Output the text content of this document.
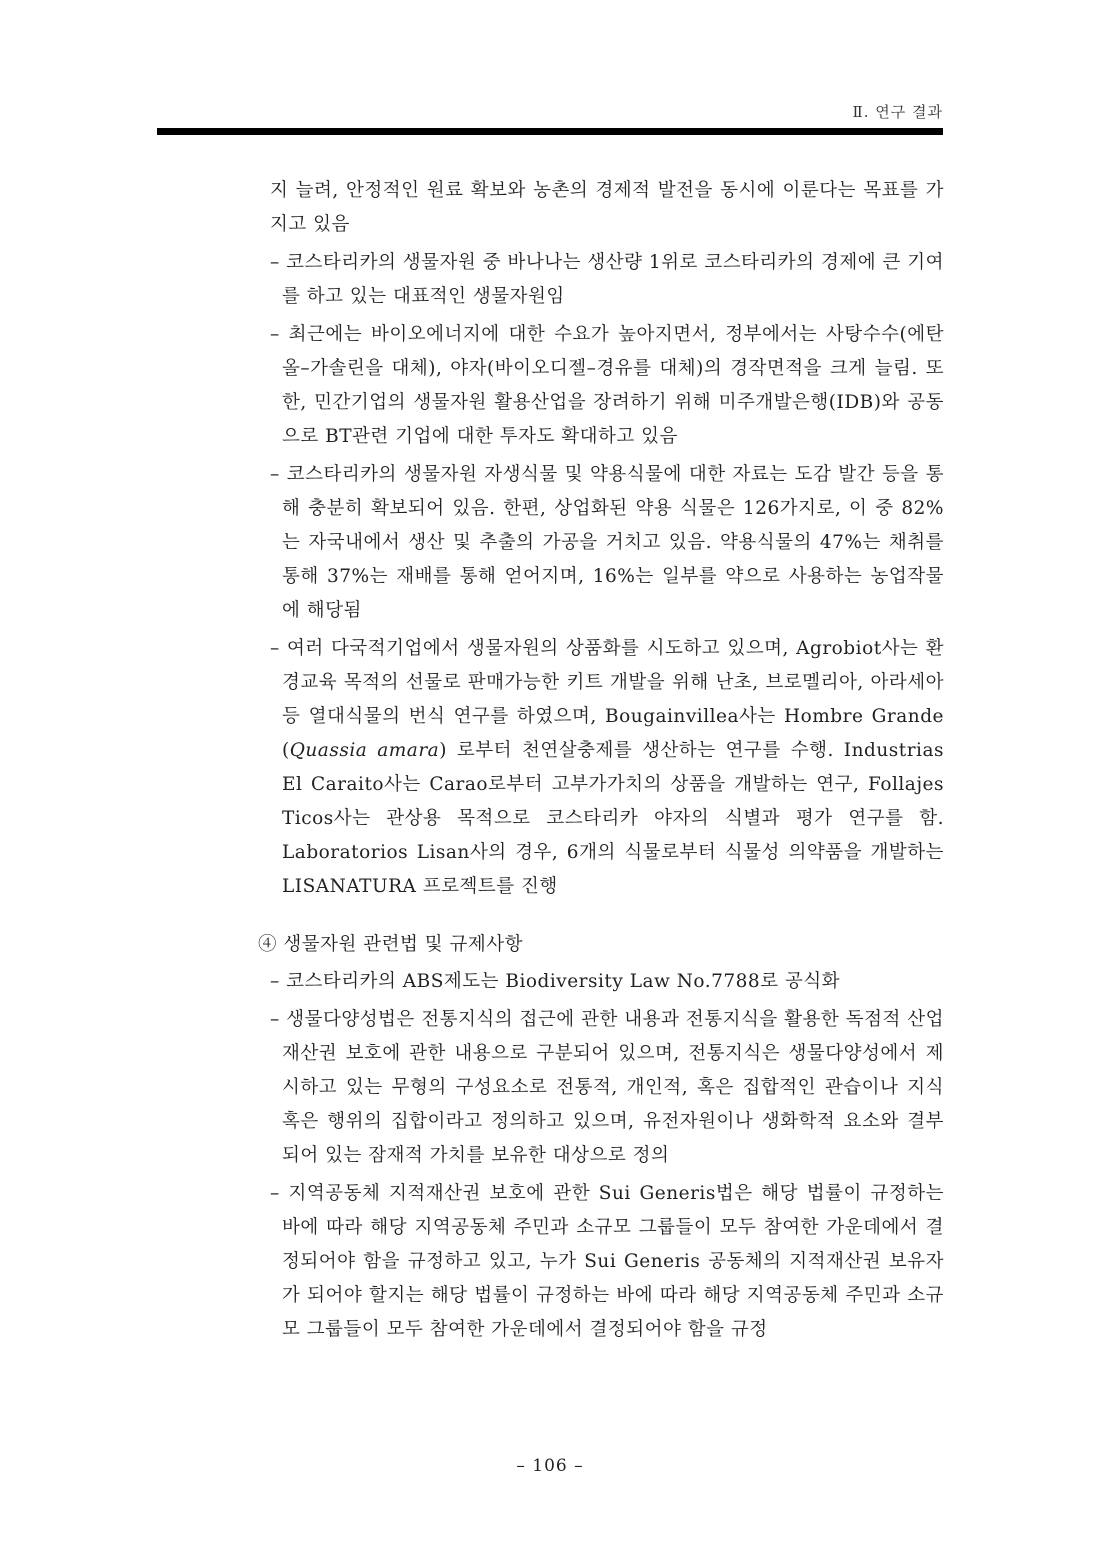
Ⅱ. 연구 결과

지 늘려, 안정적인 원료 확보와 농촌의 경제적 발전을 동시에 이룬다는 목표를 가지고 있음

– 코스타리카의 생물자원 중 바나나는 생산량 1위로 코스타리카의 경제에 큰 기여를 하고 있는 대표적인 생물자원임

– 최근에는 바이오에너지에 대한 수요가 높아지면서, 정부에서는 사탕수수(에탄올–가솔린을 대체), 야자(바이오디젤–경유를 대체)의 경작면적을 크게 늘림. 또한, 민간기업의 생물자원 활용산업을 장려하기 위해 미주개발은행(IDB)와 공동으로 BT관련 기업에 대한 투자도 확대하고 있음

– 코스타리카의 생물자원 자생식물 및 약용식물에 대한 자료는 도감 발간 등을 통해 충분히 확보되어 있음. 한편, 상업화된 약용 식물은 126가지로, 이 중 82%는 자국내에서 생산 및 추출의 가공을 거치고 있음. 약용식물의 47%는 채취를 통해 37%는 재배를 통해 얻어지며, 16%는 일부를 약으로 사용하는 농업작물에 해당됨

– 여러 다국적기업에서 생물자원의 상품화를 시도하고 있으며, Agrobiot사는 환경교육 목적의 선물로 판매가능한 키트 개발을 위해 난초, 브로멜리아, 아라세아 등 열대식물의 번식 연구를 하였으며, Bougainvillea사는 Hombre Grande (Quassia amara) 로부터 천연살충제를 생산하는 연구를 수행. Industrias El Caraito사는 Carao로부터 고부가가치의 상품을 개발하는 연구, Follajes Ticos사는 관상용 목적으로 코스타리카 야자의 식별과 평가 연구를 함. Laboratorios Lisan사의 경우, 6개의 식물로부터 식물성 의약품을 개발하는 LISANATURA 프로젝트를 진행

④ 생물자원 관련법 및 규제사항

– 코스타리카의 ABS제도는 Biodiversity Law No.7788로 공식화

– 생물다양성법은 전통지식의 접근에 관한 내용과 전통지식을 활용한 독점적 산업재산권 보호에 관한 내용으로 구분되어 있으며, 전통지식은 생물다양성에서 제시하고 있는 무형의 구성요소로 전통적, 개인적, 혹은 집합적인 관습이나 지식 혹은 행위의 집합이라고 정의하고 있으며, 유전자원이나 생화학적 요소와 결부되어 있는 잠재적 가치를 보유한 대상으로 정의

– 지역공동체 지적재산권 보호에 관한 Sui Generis법은 해당 법률이 규정하는 바에 따라 해당 지역공동체 주민과 소규모 그룹들이 모두 참여한 가운데에서 결정되어야 함을 규정하고 있고, 누가 Sui Generis 공동체의 지적재산권 보유자가 되어야 할지는 해당 법률이 규정하는 바에 따라 해당 지역공동체 주민과 소규모 그룹들이 모두 참여한 가운데에서 결정되어야 함을 규정

– 106 –
